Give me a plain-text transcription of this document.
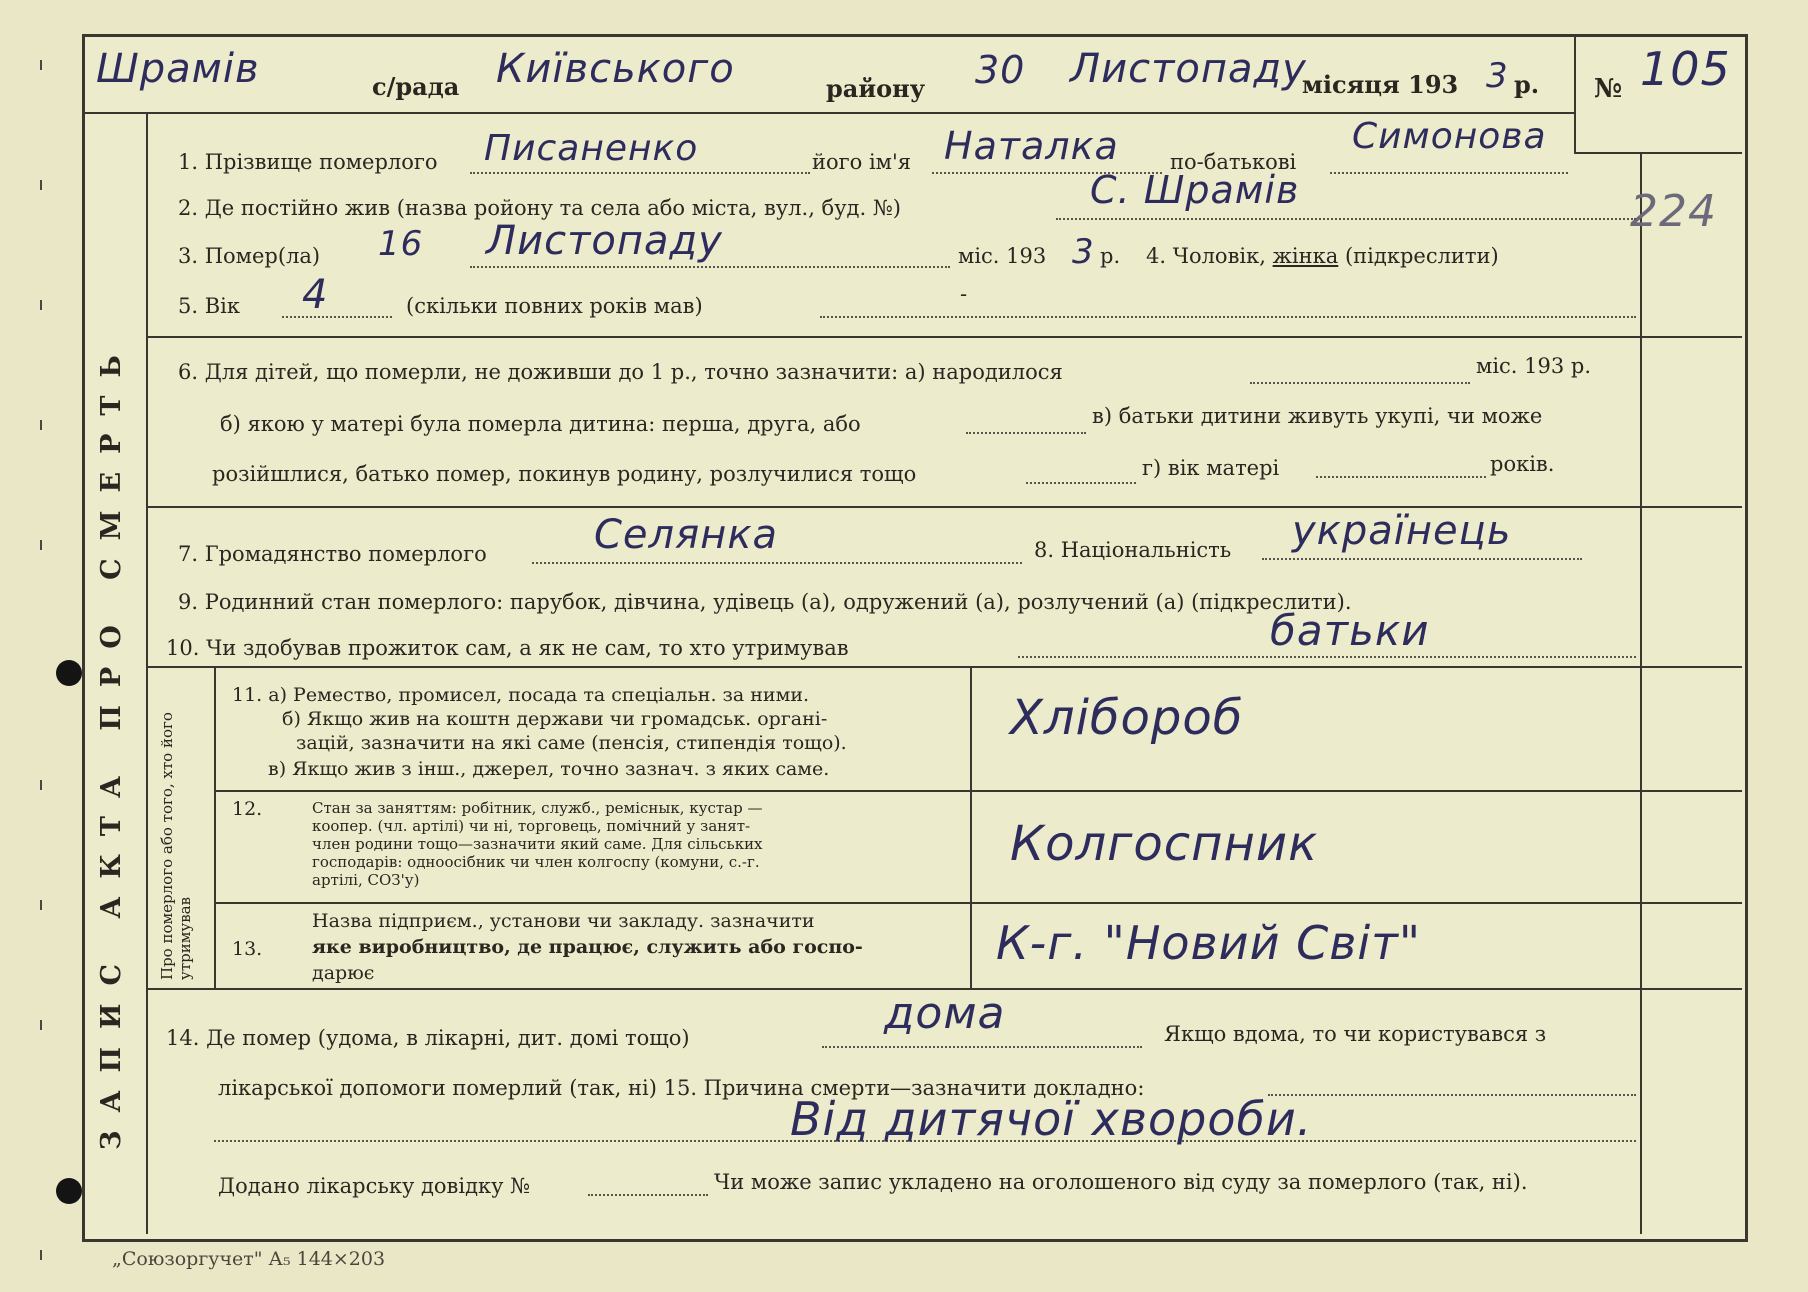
ЗАПИС АКТА ПРО СМЕРТЬ Про померлого або того, хто його утримував
Шрамів	с/рада Київського	району 30 Листопаду
місяця 193 3 р. № 105
224
1. Прізвище померлого Писаненко	його ім'я Наталка по-батькові
Симонова
2. Де постійно жив (назва ройону та села або міста, вул., буд. №)	С. Шрамів
3. Помер(ла) 16 Листопаду	міс. 193 3 р. 4. Чоловік, жінка (підкреслити)
5. Вік 4	(скільки повних років мав)	-
6. Для дітей, що померли, не доживши до 1 р., точно зазначити: а) народилося	міс. 193 р.
б) якою у матері була померла дитина: перша, друга, або	в) батьки дитини живуть укупі, чи може
розійшлися, батько помер, покинув родину, розлучилися тощо	г) вік матері	років.
7. Громадянство померлого	Селянка	8. Національність українець
9. Родинний стан померлого: парубок, дівчина, удівець (а), одружений (а), розлучений (а) (підкреслити).
10. Чи здобував прожиток сам, а як не сам, то хто утримував	батьки
11. а) Ремество, промисел, посада та спеціальн. за ними.
б) Якщо жив на коштн держави чи громадськ. органі-
зацій, зазначити на які саме (пенсія, стипендія тощо).
в) Якщо жив з інш., джерел, точно зазнач. з яких саме.
Хлібороб
12.	Стан за заняттям: робітник, служб., реміснык, кустар —
коопер. (чл. артілі) чи ні, торговець, помічний у занят-
член родини тощо—зазначити який саме. Для сільських
господарів: одноосібник чи член колгоспу (комуни, с.-г.
артілі, СОЗ'у)
Колгоспник
13.
Назва підприєм., установи чи закладу. зазначити
яке виробництво, де працює, служить або госпо-
дарює
К-г. "Новий Світ"
14. Де помер (удома, в лікарні, дит. домі тощо)	дома	Якщо вдома, то чи користувався з
лікарської допомоги померлий (так, ні) 15. Причина смерти—зазначити докладно:
Від дитячої хвороби.
Додано лікарську довідку №	Чи може запис укладено на оголошеного від суду за померлого (так, ні).
„Союзоргучет" А₅ 144×203
